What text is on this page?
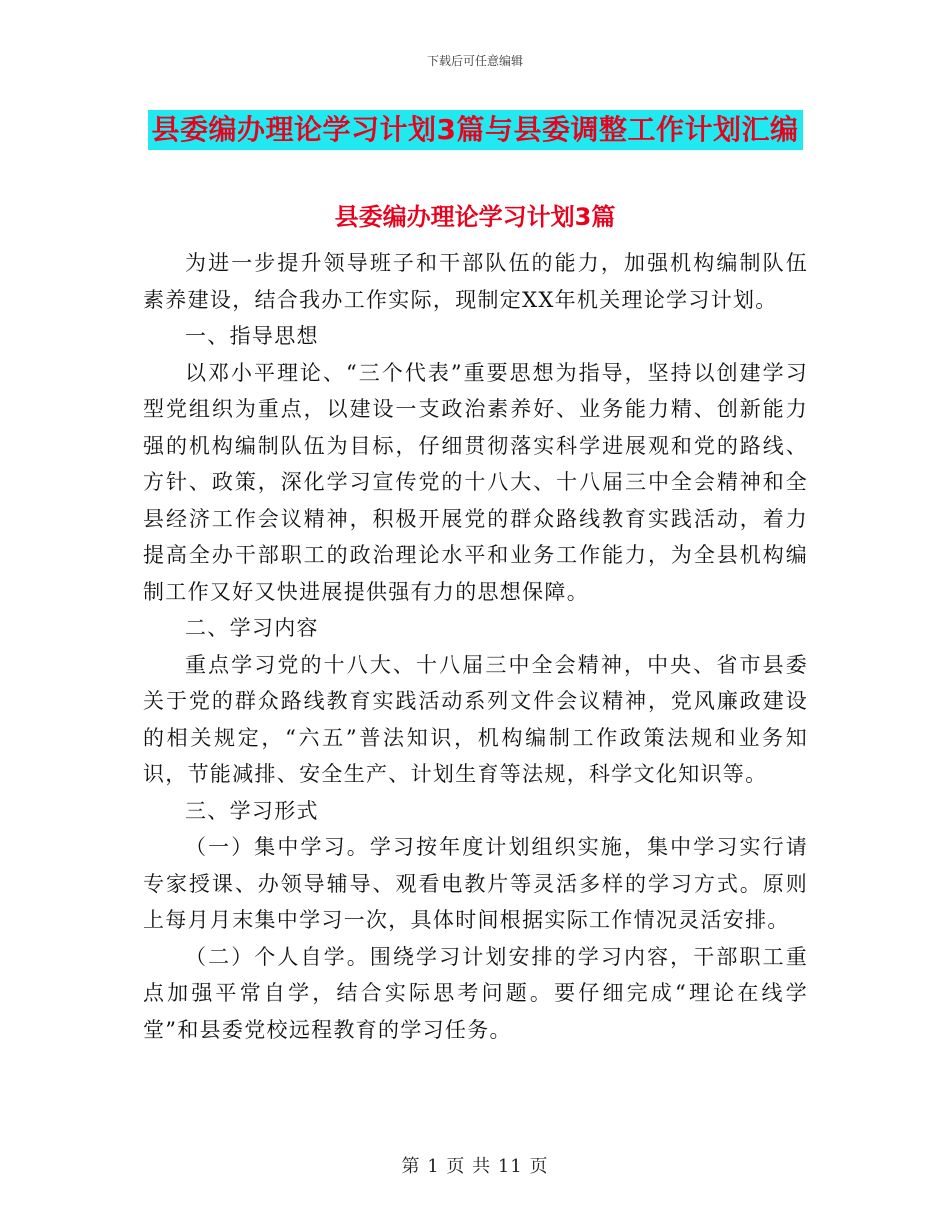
下载后可任意编辑
县委编办理论学习计划3篇与县委调整工作计划汇编
县委编办理论学习计划3篇

为进一步提升领导班子和干部队伍的能力，加强机构编制队伍素养建设，结合我办工作实际，现制定XX年机关理论学习计划。

一、指导思想

以邓小平理论、“三个代表”重要思想为指导，坚持以创建学习型党组织为重点，以建设一支政治素养好、业务能力精、创新能力强的机构编制队伍为目标，仔细贯彻落实科学进展观和党的路线、方针、政策，深化学习宣传党的十八大、十八届三中全会精神和全县经济工作会议精神，积极开展党的群众路线教育实践活动，着力提高全办干部职工的政治理论水平和业务工作能力，为全县机构编制工作又好又快进展提供强有力的思想保障。

二、学习内容

重点学习党的十八大、十八届三中全会精神，中央、省市县委关于党的群众路线教育实践活动系列文件会议精神，党风廉政建设的相关规定，“六五”普法知识，机构编制工作政策法规和业务知识，节能减排、安全生产、计划生育等法规，科学文化知识等。

三、学习形式

（一）集中学习。学习按年度计划组织实施，集中学习实行请专家授课、办领导辅导、观看电教片等灵活多样的学习方式。原则上每月月末集中学习一次，具体时间根据实际工作情况灵活安排。

（二）个人自学。围绕学习计划安排的学习内容，干部职工重点加强平常自学，结合实际思考问题。要仔细完成“理论在线学堂”和县委党校远程教育的学习任务。

第 1 页 共 11 页
